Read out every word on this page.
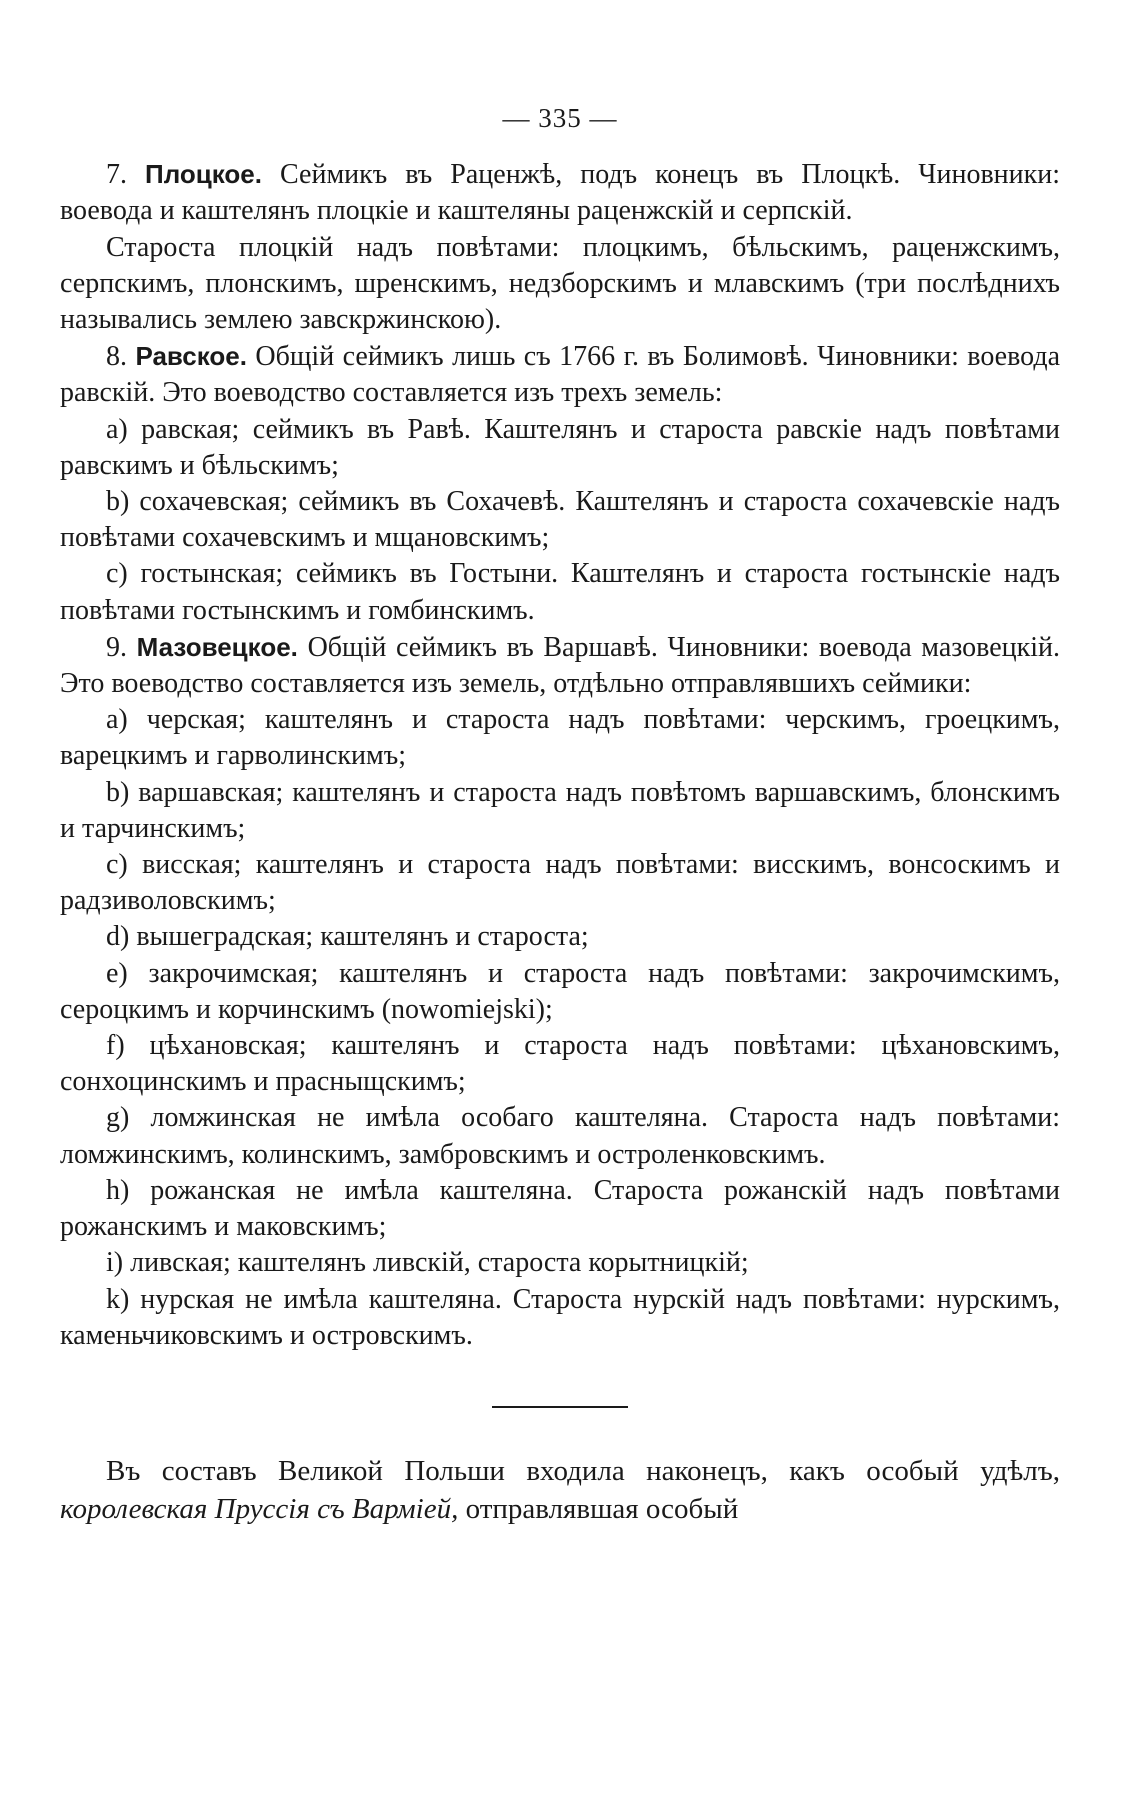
— 335 —

7. Плоцкое. Сеймикъ въ Раценжѣ, подъ конецъ въ Плоцкѣ. Чиновники: воевода и каштелянъ плоцкіе и каштеляны раценжскій и серпскій.

Староста плоцкій надъ повѣтами: плоцкимъ, бѣльскимъ, раценжскимъ, серпскимъ, плонскимъ, шренскимъ, недзборскимъ и млавскимъ (три послѣднихъ назывались землею завскржинскою).

8. Равское. Общій сеймикъ лишь съ 1766 г. въ Болимовѣ. Чиновники: воевода равскій. Это воеводство составляется изъ трехъ земель:

a) равская; сеймикъ въ Равѣ. Каштелянъ и староста равскіе надъ повѣтами равскимъ и бѣльскимъ;

b) сохачевская; сеймикъ въ Сохачевѣ. Каштелянъ и староста сохачевскіе надъ повѣтами сохачевскимъ и мщановскимъ;

c) гостынская; сеймикъ въ Гостыни. Каштелянъ и староста гостынскіе надъ повѣтами гостынскимъ и гомбинскимъ.

9. Мазовецкое. Общій сеймикъ въ Варшавѣ. Чиновники: воевода мазовецкій. Это воеводство составляется изъ земель, отдѣльно отправлявшихъ сеймики:

a) черская; каштелянъ и староста надъ повѣтами: черскимъ, гроецкимъ, варецкимъ и гарволинскимъ;

b) варшавская; каштелянъ и староста надъ повѣтомъ варшавскимъ, блонскимъ и тарчинскимъ;

c) висская; каштелянъ и староста надъ повѣтами: висскимъ, вонсоскимъ и радзиволовскимъ;

d) вышеградская; каштелянъ и староста;

e) закрочимская; каштелянъ и староста надъ повѣтами: закрочимскимъ, сероцкимъ и корчинскимъ (nowomiejski);

f) цѣхановская; каштелянъ и староста надъ повѣтами: цѣхановскимъ, сонхоцинскимъ и прасныщскимъ;

g) ломжинская не имѣла особаго каштеляна. Староста надъ повѣтами: ломжинскимъ, колинскимъ, замбровскимъ и остроленковскимъ.

h) рожанская не имѣла каштеляна. Староста рожанскій надъ повѣтами рожанскимъ и маковскимъ;

i) ливская; каштелянъ ливскій, староста корытницкій;

k) нурская не имѣла каштеляна. Староста нурскій надъ повѣтами: нурскимъ, каменьчиковскимъ и островскимъ.

Въ составъ Великой Польши входила наконецъ, какъ особый удѣлъ, королевская Пруссія съ Варміей, отправлявшая особый
